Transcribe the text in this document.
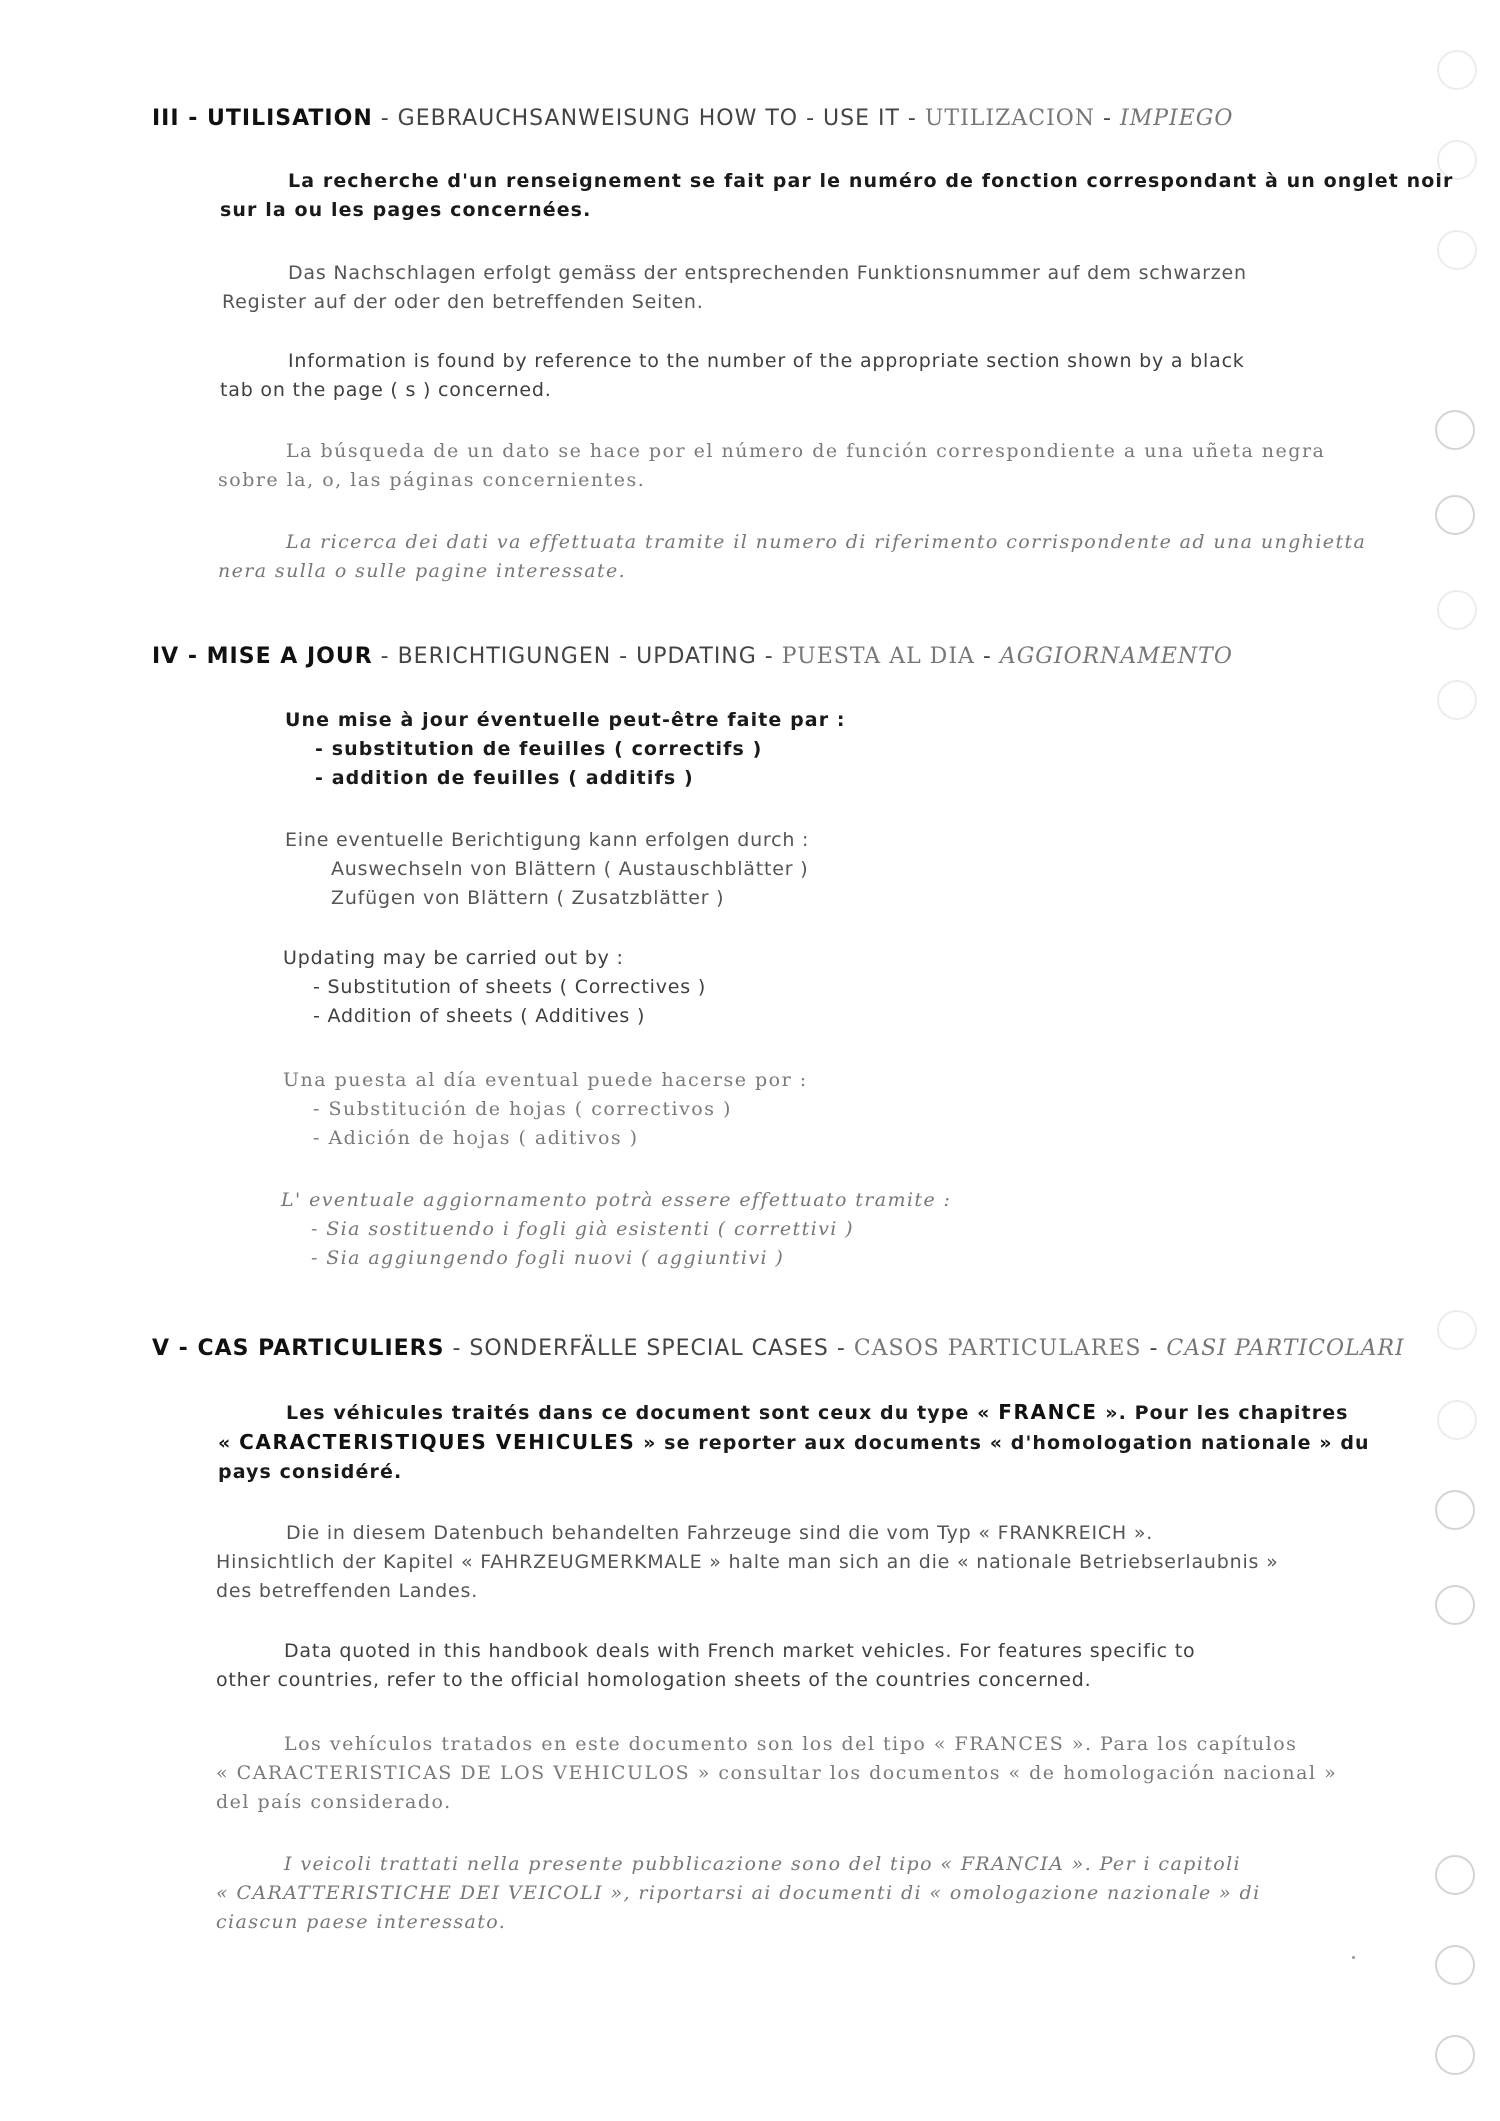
III - UTILISATION - GEBRAUCHSANWEISUNG HOW TO - USE IT - UTILIZACION - IMPIEGO
La recherche d'un renseignement se fait par le numéro de fonction correspondant à un onglet noir
sur la ou les pages concernées.
Das Nachschlagen erfolgt gemäss der entsprechenden Funktionsnummer auf dem schwarzen
Register auf der oder den betreffenden Seiten.
Information is found by reference to the number of the appropriate section shown by a black
tab on the page ( s ) concerned.
La búsqueda de un dato se hace por el número de función correspondiente a una uñeta negra
sobre la, o, las páginas concernientes.
La ricerca dei dati va effettuata tramite il numero di riferimento corrispondente ad una unghietta
nera sulla o sulle pagine interessate.
IV - MISE A JOUR - BERICHTIGUNGEN - UPDATING - PUESTA AL DIA - AGGIORNAMENTO
Une mise à jour éventuelle peut-être faite par :
- substitution de feuilles ( correctifs )
- addition de feuilles ( additifs )
Eine eventuelle Berichtigung kann erfolgen durch :
Auswechseln von Blättern ( Austauschblätter )
Zufügen von Blättern ( Zusatzblätter )
Updating may be carried out by :
- Substitution of sheets ( Correctives )
- Addition of sheets ( Additives )
Una puesta al día eventual puede hacerse por :
- Substitución de hojas ( correctivos )
- Adición de hojas ( aditivos )
L' eventuale aggiornamento potrà essere effettuato tramite :
- Sia sostituendo i fogli già esistenti ( correttivi )
- Sia aggiungendo fogli nuovi ( aggiuntivi )
V - CAS PARTICULIERS - SONDERFÄLLE SPECIAL CASES - CASOS PARTICULARES - CASI PARTICOLARI
Les véhicules traités dans ce document sont ceux du type « FRANCE ». Pour les chapitres
« CARACTERISTIQUES VEHICULES » se reporter aux documents « d'homologation nationale » du
pays considéré.
Die in diesem Datenbuch behandelten Fahrzeuge sind die vom Typ « FRANKREICH ».
Hinsichtlich der Kapitel « FAHRZEUGMERKMALE » halte man sich an die « nationale Betriebserlaubnis »
des betreffenden Landes.
Data quoted in this handbook deals with French market vehicles. For features specific to
other countries, refer to the official homologation sheets of the countries concerned.
Los vehículos tratados en este documento son los del tipo « FRANCES ». Para los capítulos
« CARACTERISTICAS DE LOS VEHICULOS » consultar los documentos « de homologación nacional »
del país considerado.
I veicoli trattati nella presente pubblicazione sono del tipo « FRANCIA ». Per i capitoli
« CARATTERISTICHE DEI VEICOLI », riportarsi ai documenti di « omologazione nazionale » di
ciascun paese interessato.
